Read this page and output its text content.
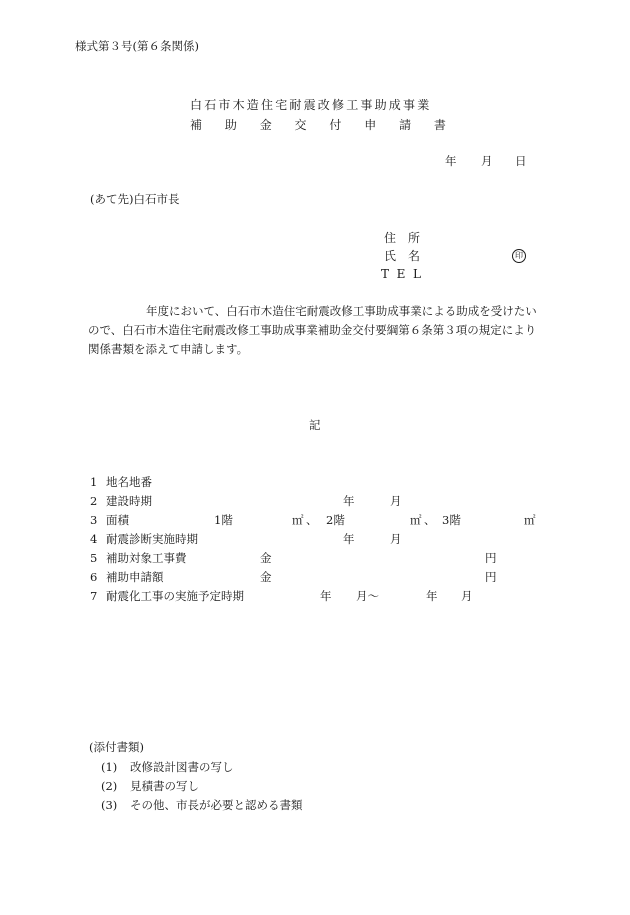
様式第３号(第６条関係)
白石市木造住宅耐震改修工事助成事業
補 助 金 交 付 申 請 書
年 月 日
(あて先)白石市長
住 所
氏 名	印
T E L
年度において、白石市木造住宅耐震改修工事助成事業による助成を受けたい
ので、白石市木造住宅耐震改修工事助成事業補助金交付要綱第６条第３項の規定により
関係書類を添えて申請します。
記
1 地名地番
2 建設時期	年	月
3 面積	1階	㎡ 、 2階	㎡ 、 3階	㎡
4 耐震診断実施時期	年	月
5 補助対象工事費	金	円
6 補助申請額	金	円
7 耐震化工事の実施予定時期	年 月〜	年 月
(添付書類)
(1) 改修設計図書の写し
(2) 見積書の写し
(3) その他、市長が必要と認める書類
